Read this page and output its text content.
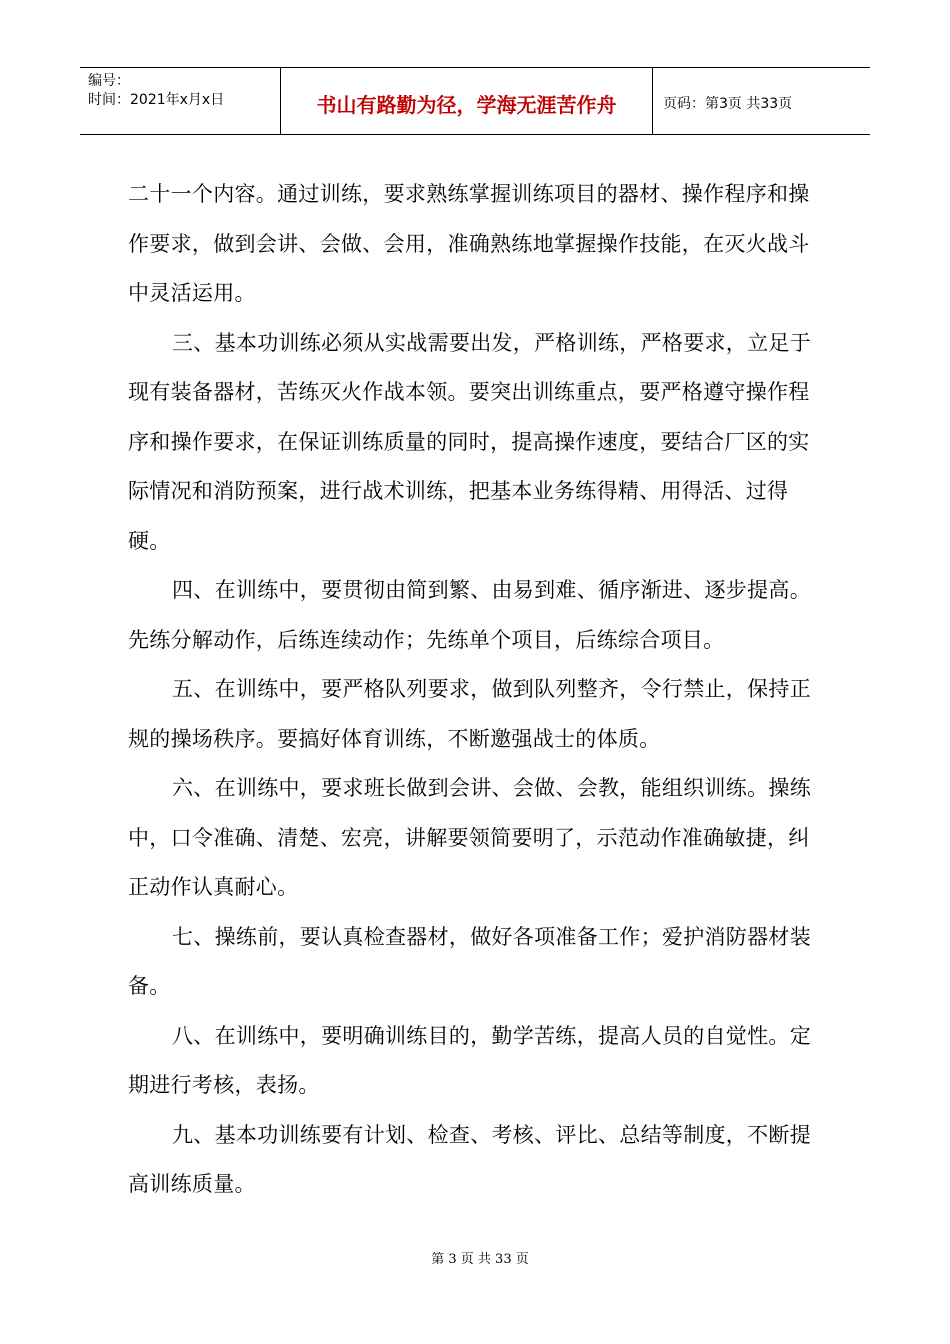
编号：
时间：2021年x月x日	书山有路勤为径，学海无涯苦作舟	页码：第3页 共33页

二十一个内容。通过训练，要求熟练掌握训练项目的器材、操作程序和操作要求，做到会讲、会做、会用，准确熟练地掌握操作技能，在灭火战斗中灵活运用。

三、基本功训练必须从实战需要出发，严格训练，严格要求，立足于现有装备器材，苦练灭火作战本领。要突出训练重点，要严格遵守操作程序和操作要求，在保证训练质量的同时，提高操作速度，要结合厂区的实际情况和消防预案，进行战术训练，把基本业务练得精、用得活、过得硬。

四、在训练中，要贯彻由简到繁、由易到难、循序渐进、逐步提高。先练分解动作，后练连续动作；先练单个项目，后练综合项目。

五、在训练中，要严格队列要求，做到队列整齐，令行禁止，保持正规的操场秩序。要搞好体育训练，不断邀强战士的体质。

六、在训练中，要求班长做到会讲、会做、会教，能组织训练。操练中，口令准确、清楚、宏亮，讲解要领简要明了，示范动作准确敏捷，纠正动作认真耐心。

七、操练前，要认真检查器材，做好各项准备工作；爱护消防器材装备。

八、在训练中，要明确训练目的，勤学苦练，提高人员的自觉性。定期进行考核，表扬。

九、基本功训练要有计划、检查、考核、评比、总结等制度，不断提高训练质量。

第 3 页 共 33 页
